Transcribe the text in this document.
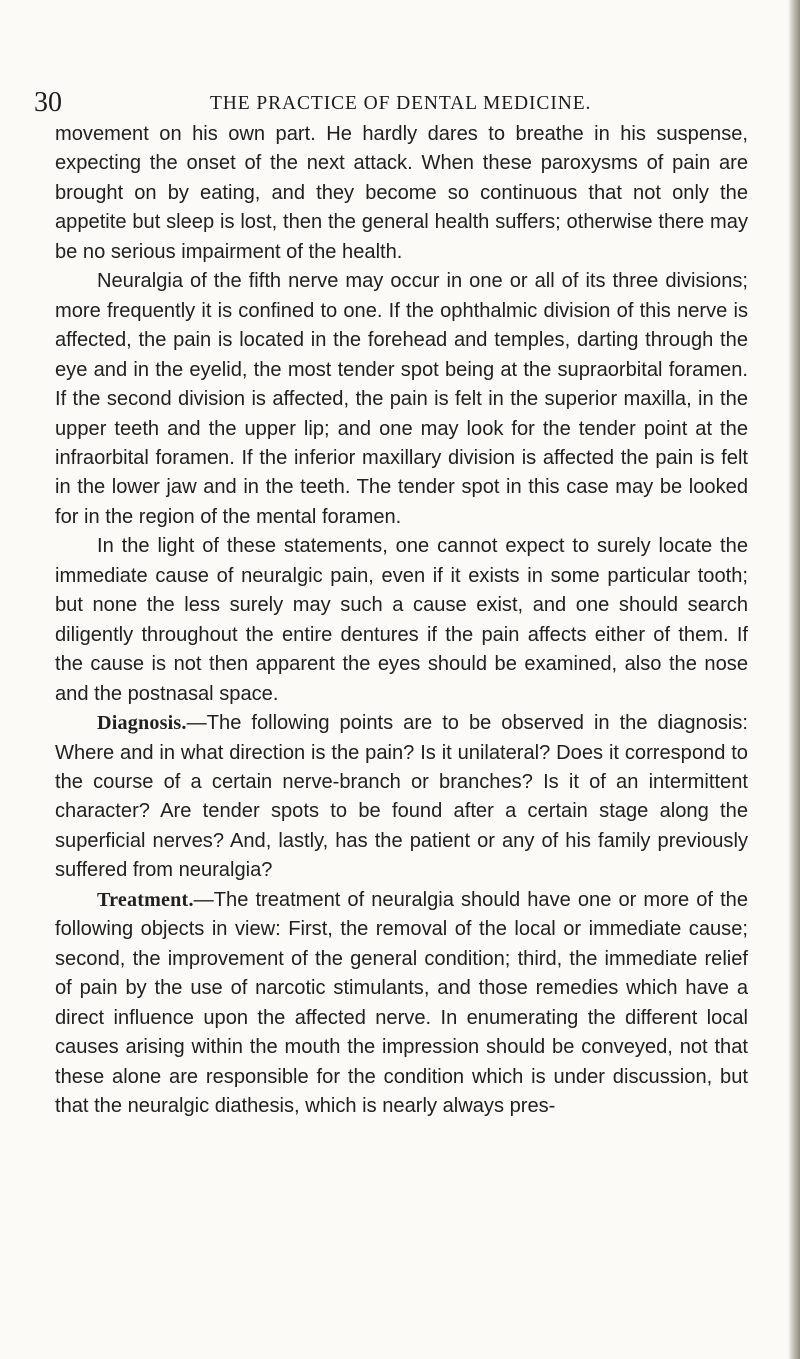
30	THE PRACTICE OF DENTAL MEDICINE.

movement on his own part. He hardly dares to breathe in his suspense, expecting the onset of the next attack. When these paroxysms of pain are brought on by eating, and they become so continuous that not only the appetite but sleep is lost, then the general health suffers; otherwise there may be no serious impairment of the health.

Neuralgia of the fifth nerve may occur in one or all of its three divisions; more frequently it is confined to one. If the ophthalmic division of this nerve is affected, the pain is located in the forehead and temples, darting through the eye and in the eyelid, the most tender spot being at the supraorbital foramen. If the second division is affected, the pain is felt in the superior maxilla, in the upper teeth and the upper lip; and one may look for the tender point at the infraorbital foramen. If the inferior maxillary division is affected the pain is felt in the lower jaw and in the teeth. The tender spot in this case may be looked for in the region of the mental foramen.

In the light of these statements, one cannot expect to surely locate the immediate cause of neuralgic pain, even if it exists in some particular tooth; but none the less surely may such a cause exist, and one should search diligently throughout the entire dentures if the pain affects either of them. If the cause is not then apparent the eyes should be examined, also the nose and the postnasal space.

Diagnosis.—The following points are to be observed in the diagnosis: Where and in what direction is the pain? Is it unilateral? Does it correspond to the course of a certain nerve-branch or branches? Is it of an intermittent character? Are tender spots to be found after a certain stage along the superficial nerves? And, lastly, has the patient or any of his family previously suffered from neuralgia?

Treatment.—The treatment of neuralgia should have one or more of the following objects in view: First, the removal of the local or immediate cause; second, the improvement of the general condition; third, the immediate relief of pain by the use of narcotic stimulants, and those remedies which have a direct influence upon the affected nerve. In enumerating the different local causes arising within the mouth the impression should be conveyed, not that these alone are responsible for the condition which is under discussion, but that the neuralgic diathesis, which is nearly always pres-
